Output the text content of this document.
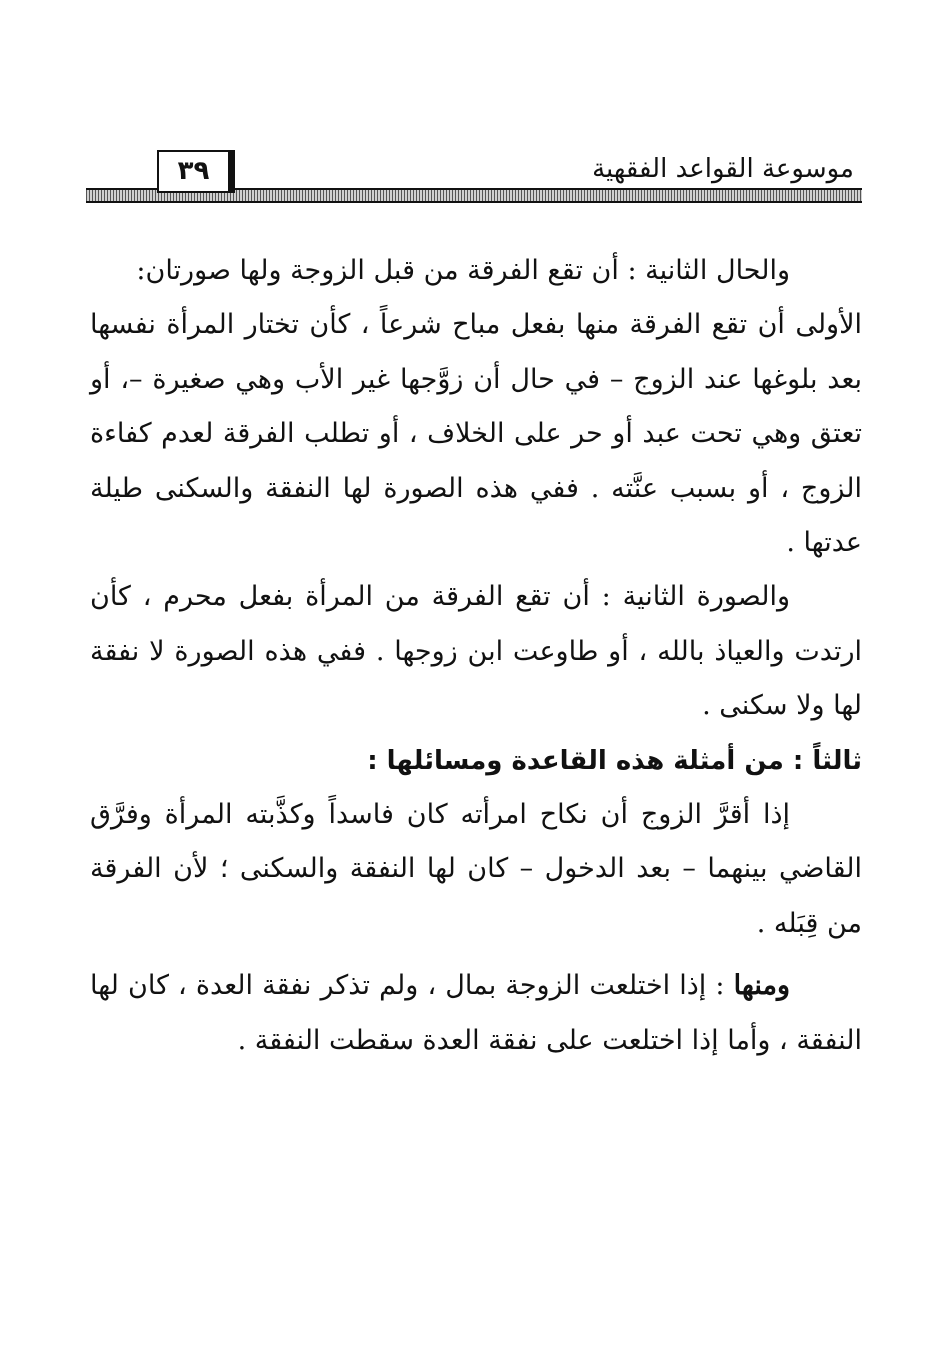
موسوعة القواعد الفقهية
٣٩

والحال الثانية : أن تقع الفرقة من قبل الزوجة ولها صورتان:

الأولى أن تقع الفرقة منها بفعل مباح شرعاً ، كأن تختار المرأة نفسها بعد بلوغها عند الزوج – في حال أن زوَّجها غير الأب وهي صغيرة –، أو تعتق وهي تحت عبد أو حر على الخلاف ، أو تطلب الفرقة لعدم كفاءة الزوج ، أو بسبب عنَّته . ففي هذه الصورة لها النفقة والسكنى طيلة عدتها .

والصورة الثانية : أن تقع الفرقة من المرأة بفعل محرم ، كأن ارتدت والعياذ بالله ، أو طاوعت ابن زوجها . ففي هذه الصورة لا نفقة لها ولا سكنى .

ثالثاً : من أمثلة هذه القاعدة ومسائلها :

إذا أقرَّ الزوج أن نكاح امرأته كان فاسداً وكذَّبته المرأة وفرَّق القاضي بينهما – بعد الدخول – كان لها النفقة والسكنى ؛ لأن الفرقة من قِبَله .

ومنها : إذا اختلعت الزوجة بمال ، ولم تذكر نفقة العدة ، كان لها النفقة ، وأما إذا اختلعت على نفقة العدة سقطت النفقة .
